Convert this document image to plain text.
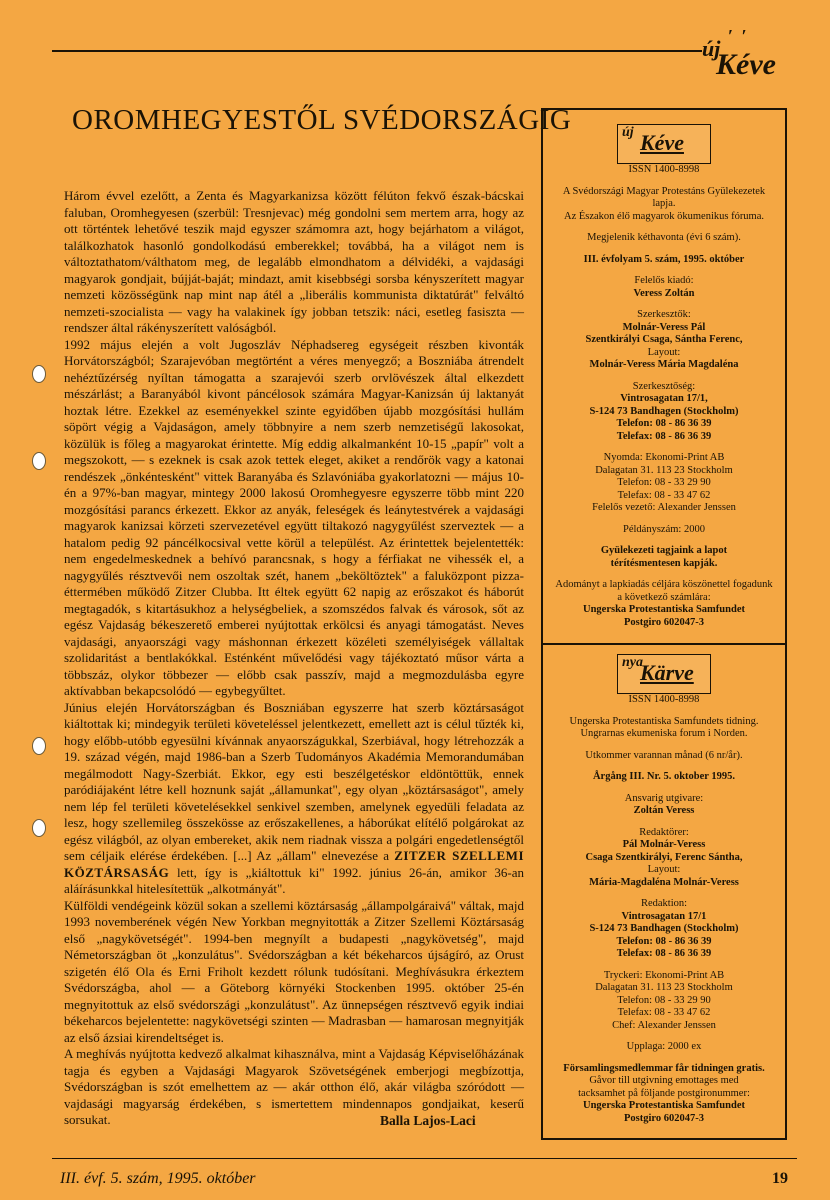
′ ′
új
Kéve
OROMHEGYESTŐL SVÉDORSZÁGIG

Három évvel ezelőtt, a Zenta és Magyarkanizsa között félúton fekvő észak-bácskai faluban, Oromhegyesen (szerbül: Tresnjevac) még gondolni sem mertem arra, hogy az ott történtek lehetővé teszik majd egyszer számomra azt, hogy bejárhatom a világot, találkozhatok hasonló gondolkodású emberekkel; továbbá, ha a világot nem is változtathatom/válthatom meg, de legalább elmondhatom a délvidéki, a vajdasági magyarok gondjait, bújját-baját; mindazt, amit kisebbségi sorsba kényszerített magyar nemzeti közösségünk nap mint nap átél a „liberális kommunista diktatúrát" felváltó nemzeti-szocialista — vagy ha valakinek így jobban tetszik: náci, esetleg fasiszta — rendszer által rákényszerített valóságból.

1992 május elején a volt Jugoszláv Néphadsereg egységeit részben kivonták Horvátországból; Szarajevóban megtörtént a véres menyegző; a Boszniába átrendelt nehéztűzérség nyíltan támogatta a szarajevói szerb orvlövészek által elkezdett mészárlást; a Baranyából kivont páncélosok számára Magyar-Kanizsán új laktanyát hoztak létre. Ezekkel az eseményekkel szinte egyidőben újabb mozgósítási hullám söpört végig a Vajdaságon, amely többnyire a nem szerb nemzetiségű lakosokat, közülük is főleg a magyarokat érintette. Míg eddig alkalmanként 10-15 „papír" volt a megszokott, — s ezeknek is csak azok tettek eleget, akiket a rendőrök vagy a katonai rendészek „önkéntesként" vittek Baranyába és Szlavóniába gyakorlatozni — május 10-én a 97%-ban magyar, mintegy 2000 lakosú Oromhegyesre egyszerre több mint 220 mozgósítási parancs érkezett. Ekkor az anyák, feleségek és leánytestvérek a vajdasági magyarok kanizsai körzeti szervezetével együtt tiltakozó nagygyűlést szerveztek — a hatalom pedig 92 páncélkocsival vette körül a települést. Az érintettek bejelentették: nem engedelmeskednek a behívó parancsnak, s hogy a férfiakat ne vihessék el, a nagygyűlés résztvevői nem oszoltak szét, hanem „beköltöztek" a faluközpont pizza-éttermében működő Zitzer Clubba. Itt éltek együtt 62 napig az erőszakot és háborút megtagadók, s kitartásukhoz a helységbeliek, a szomszédos falvak és városok, sőt az egész Vajdaság békeszerető emberei nyújtottak erkölcsi és anyagi támogatást. Neves vajdasági, anyaországi vagy máshonnan érkezett közéleti személyiségek vállaltak szolidaritást a bentlakókkal. Esténként művelődési vagy tájékoztató műsor várta a többszáz, olykor többezer — előbb csak passzív, majd a megmozdulásba egyre aktívabban bekapcsolódó — egybegyűltet.

Június elején Horvátországban és Boszniában egyszerre hat szerb köztársaságot kiáltottak ki; mindegyik területi követeléssel jelentkezett, emellett azt is célul tűzték ki, hogy előbb-utóbb egyesülni kívánnak anyaországukkal, Szerbiával, hogy létrehozzák a 19. század végén, majd 1986-ban a Szerb Tudományos Akadémia Memorandumában megálmodott Nagy-Szerbiát. Ekkor, egy esti beszélgetéskor eldöntöttük, ennek paródiájaként létre kell hoznunk saját „államunkat", egy olyan „köztársaságot", amely nem lép fel területi követelésekkel senkivel szemben, amelynek egyedüli feladata az lesz, hogy szellemileg összekösse az erőszakellenes, a háborúkat elítélő polgárokat az egész világból, az olyan embereket, akik nem riadnak vissza a polgári engedetlenségtől sem céljaik elérése érdekében. [...] Az „állam" elnevezése a ZITZER SZELLEMI KÖZTÁRSASÁG lett, így is „kiáltottuk ki" 1992. június 26-án, amikor 36-an aláírásunkkal hitelesítettük „alkotmányát".

Külföldi vendégeink közül sokan a szellemi köztársaság „állampolgáraivá" váltak, majd 1993 novemberének végén New Yorkban megnyitották a Zitzer Szellemi Köztársaság első „nagykövetségét". 1994-ben megnyílt a budapesti „nagykövetség", majd Németországban öt „konzulátus". Svédországban a két békeharcos újságíró, az Orust szigetén élő Ola és Erni Friholt kezdett rólunk tudósítani. Meghívásukra érkeztem Svédországba, ahol — a Göteborg környéki Stockenben 1995. október 25-én megnyitottuk az első svédországi „konzulátust". Az ünnepségen résztvevő egyik indiai békeharcos bejelentette: nagykövetségi szinten — Madrasban — hamarosan megnyitják az első ázsiai kirendeltséget is.

A meghívás nyújtotta kedvező alkalmat kihasználva, mint a Vajdaság Képviselőházának tagja és egyben a Vajdasági Magyarok Szövetségének emberjogi megbízottja, Svédországban is szót emelhettem az — akár otthon élő, akár világba szóródott — vajdasági magyarság érdekében, s ismertettem mindennapos gondjaikat, keserű sorsukat.	Balla Lajos-Laci
új Kéve
ISSN 1400-8998
A Svédországi Magyar Protestáns Gyülekezetek
lapja.
Az Északon élő magyarok ökumenikus fóruma.
Megjelenik kéthavonta (évi 6 szám).
III. évfolyam 5. szám, 1995. október
Felelős kiadó:
Veress Zoltán
Szerkesztők:
Molnár-Veress Pál
Szentkirályi Csaga, Sántha Ferenc,
Layout:
Molnár-Veress Mária Magdaléna
Szerkesztőség:
Vintrosagatan 17/1,
S-124 73 Bandhagen (Stockholm)
Telefon: 08 - 86 36 39
Telefax: 08 - 86 36 39
Nyomda: Ekonomi-Print AB
Dalagatan 31. 113 23 Stockholm
Telefon: 08 - 33 29 90
Telefax: 08 - 33 47 62
Felelős vezető: Alexander Jenssen
Példányszám: 2000
Gyülekezeti tagjaink a lapot
térítésmentesen kapják.
Adományt a lapkiadás céljára köszönettel fogadunk
a következő számlára:
Ungerska Protestantiska Samfundet
Postgiro 602047-3
nya
Kärve
ISSN 1400-8998
Ungerska Protestantiska Samfundets tidning.
Ungrarnas ekumeniska forum i Norden.
Utkommer varannan månad (6 nr/år).
Årgång III. Nr. 5. oktober 1995.
Ansvarig utgivare:
Zoltán Veress
Redaktörer:
Pál Molnár-Veress
Csaga Szentkirályi, Ferenc Sántha,
Layout:
Mária-Magdaléna Molnár-Veress
Redaktion:
Vintrosagatan 17/1
S-124 73 Bandhagen (Stockholm)
Telefon: 08 - 86 36 39
Telefax: 08 - 86 36 39
Tryckeri: Ekonomi-Print AB
Dalagatan 31. 113 23 Stockholm
Telefon: 08 - 33 29 90
Telefax: 08 - 33 47 62
Chef: Alexander Jenssen
Upplaga: 2000 ex
Församlingsmedlemmar får tidningen gratis.
Gåvor till utgivning emottages med
tacksamhet på följande postgironummer:
Ungerska Protestantiska Samfundet
Postgiro 602047-3
III. évf. 5. szám, 1995. október	19
